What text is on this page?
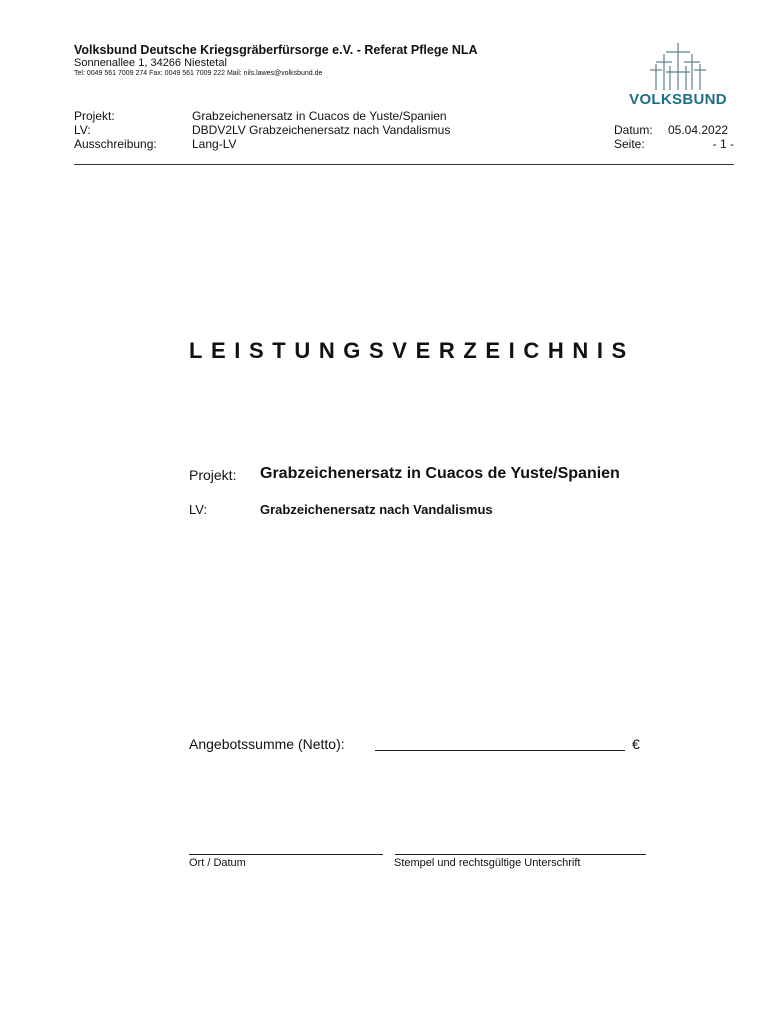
Volksbund Deutsche Kriegsgräberfürsorge e.V. - Referat Pflege NLA
Sonnenallee 1, 34266 Niestetal
Tel: 0049 561 7009 274 Fax: 0049 561 7009 222 Mail: nils.lawes@volksbund.de
VOLKSBUND
Projekt:	Grabzeichenersatz in Cuacos de Yuste/Spanien
LV:	DBDV2LV Grabzeichenersatz nach Vandalismus
Ausschreibung:	Lang-LV
Datum: 05.04.2022
Seite:	- 1 -
LEISTUNGSVERZEICHNIS
Projekt: Grabzeichenersatz in Cuacos de Yuste/Spanien
LV:	Grabzeichenersatz nach Vandalismus
Angebotssumme (Netto):	€
Ort / Datum	Stempel und rechtsgültige Unterschrift
